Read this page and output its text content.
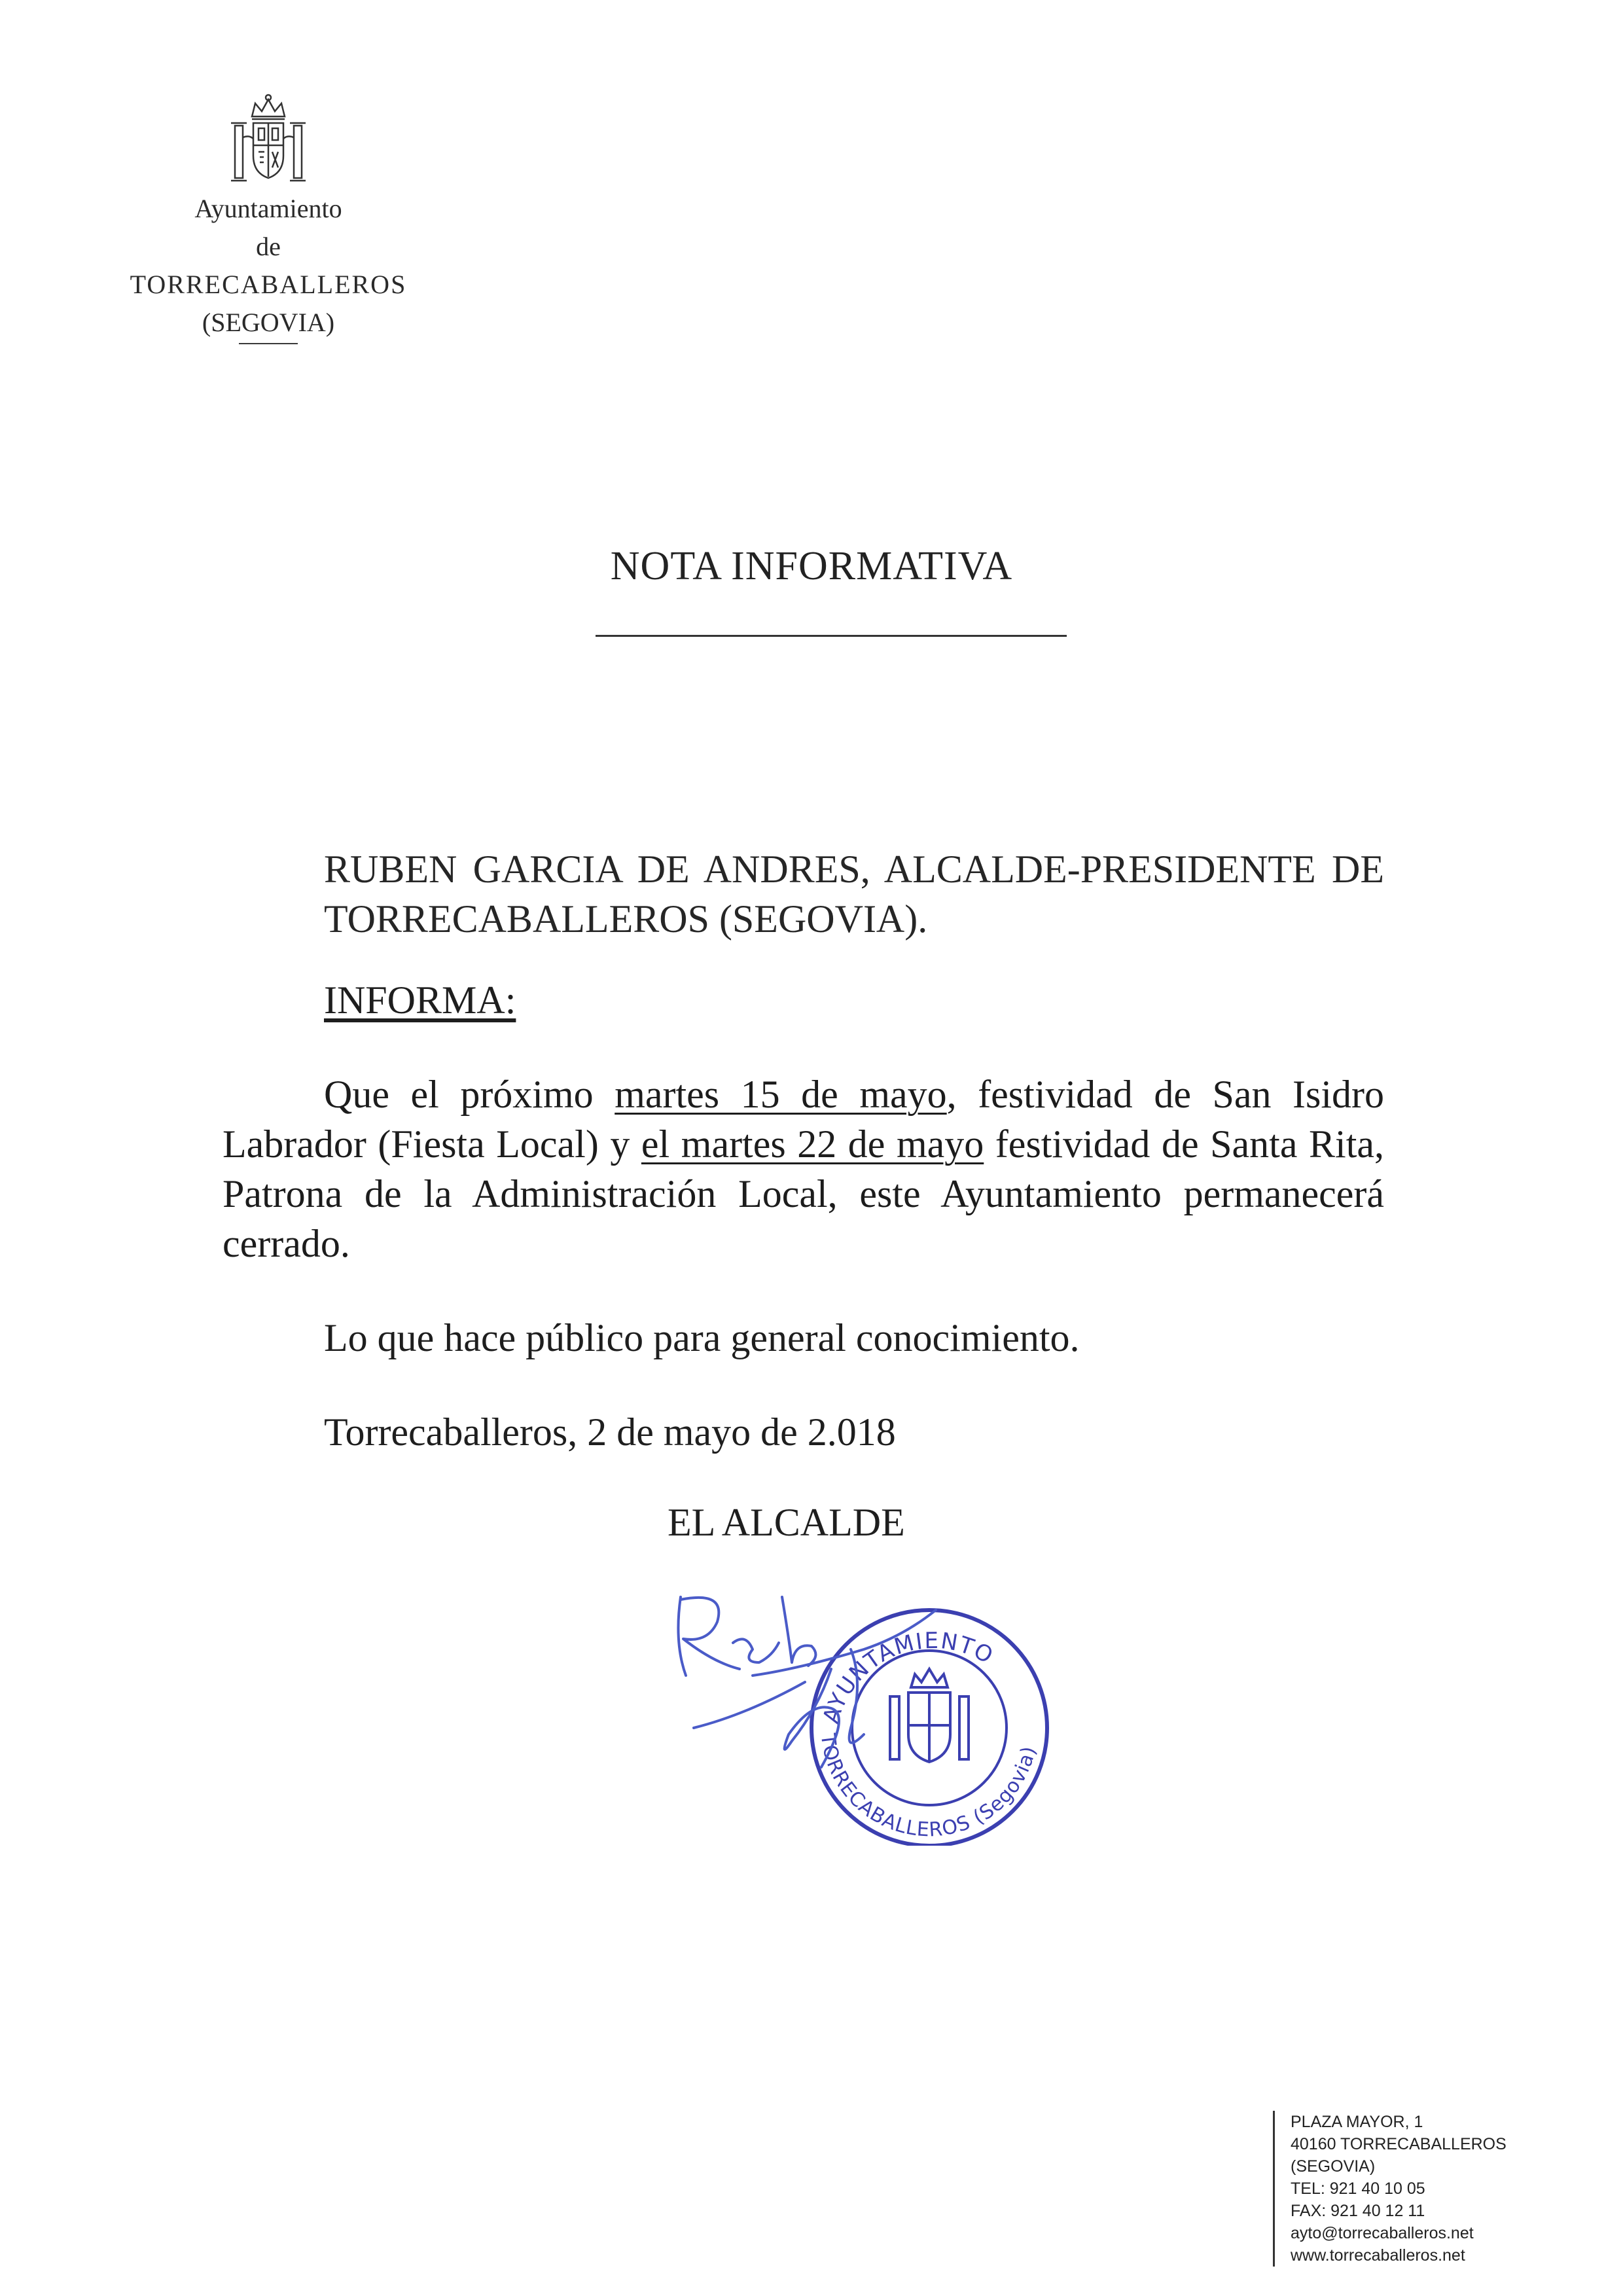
Ayuntamiento
de
TORRECABALLEROS
(SEGOVIA)
NOTA INFORMATIVA
RUBEN GARCIA DE ANDRES, ALCALDE-PRESIDENTE DE TORRECABALLEROS (SEGOVIA).
INFORMA:
Que el próximo martes 15 de mayo, festividad de San Isidro Labrador (Fiesta Local) y el martes 22 de mayo festividad de Santa Rita, Patrona de la Administración Local, este Ayuntamiento permanecerá cerrado.
Lo que hace público para general conocimiento.
Torrecaballeros, 2 de mayo de 2.018
EL ALCALDE
AYUNTAMIENTO
TORRECABALLEROS (Segovia)
PLAZA MAYOR, 1
40160 TORRECABALLEROS
(SEGOVIA)
TEL: 921 40 10 05
FAX: 921 40 12 11
ayto@torrecaballeros.net
www.torrecaballeros.net
